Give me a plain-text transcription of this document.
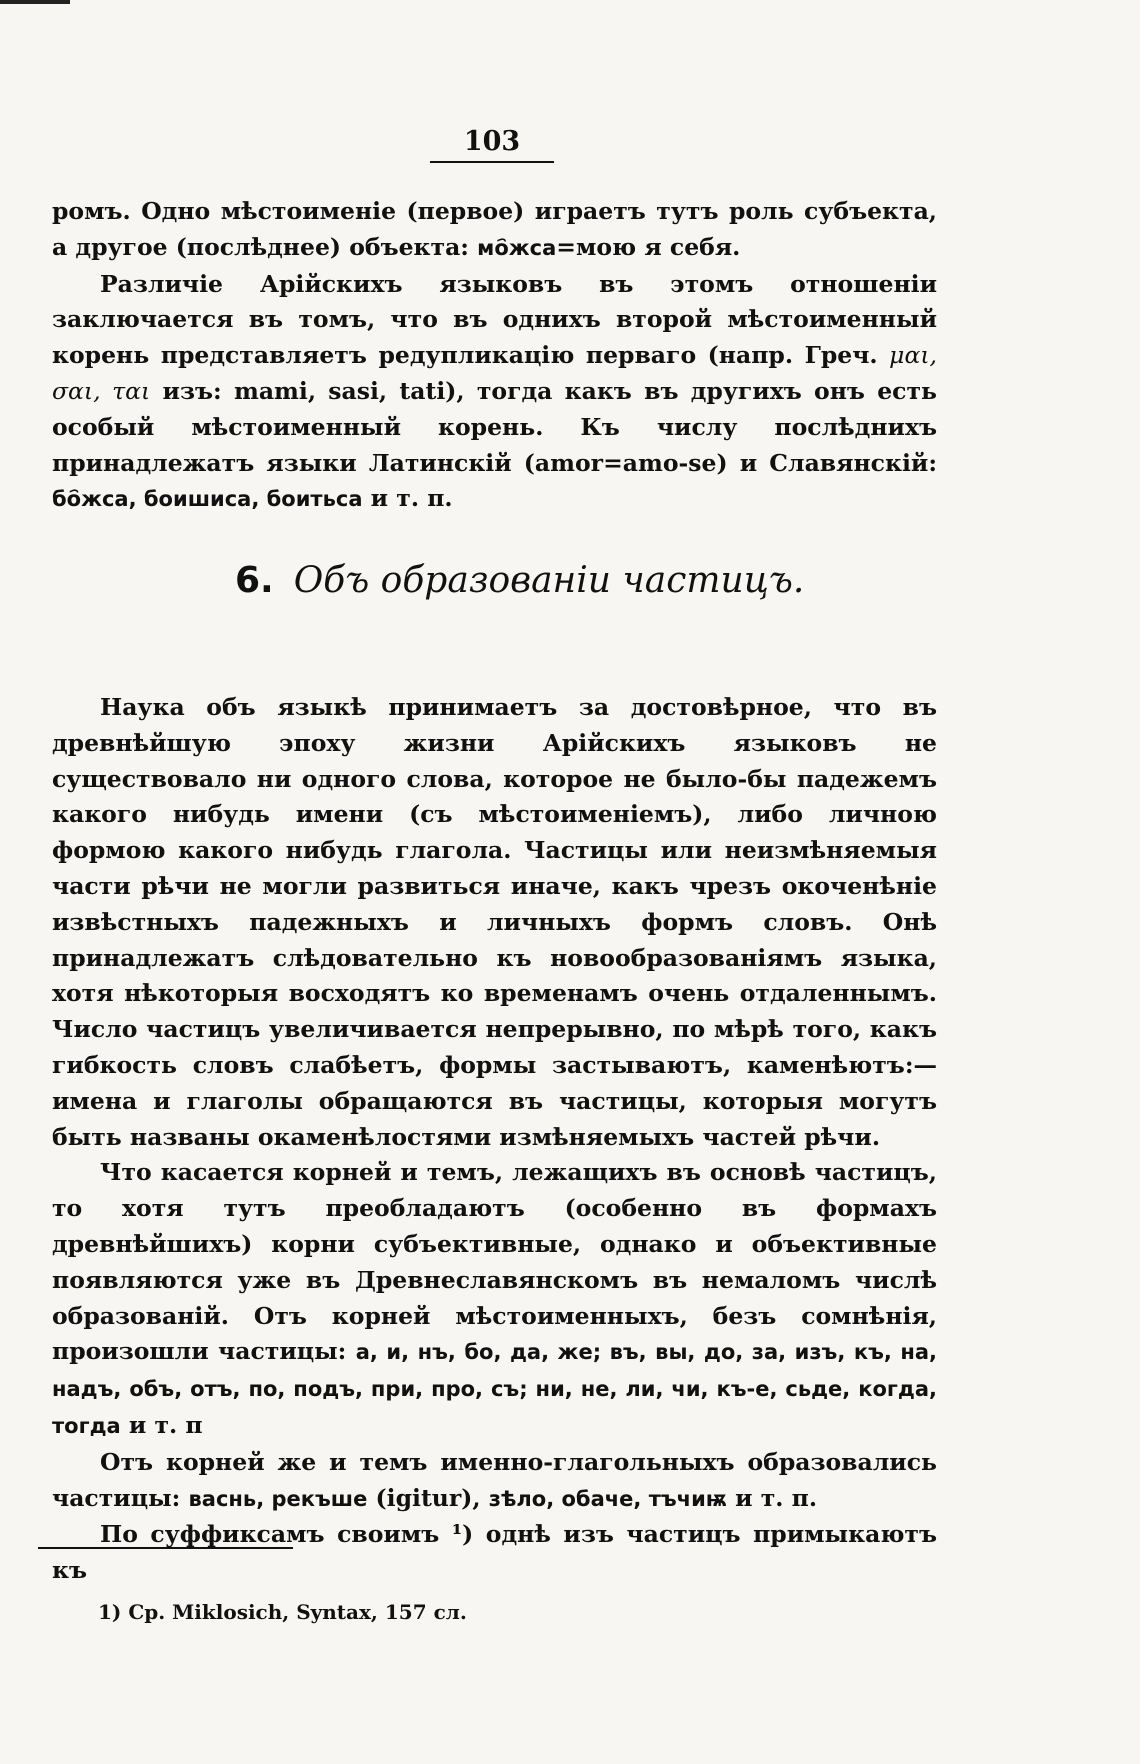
103

ромъ. Одно мѣстоименіе (первое) играетъ тутъ роль субъекта, а другое (послѣднее) объекта: мо҄жса=мою я себя.

Различіе Арійскихъ языковъ въ этомъ отношеніи заключается въ томъ, что въ однихъ второй мѣстоименный корень представляетъ редупликацію перваго (напр. Греч. μαι, σαι, ται изъ: mami, sasi, tati), тогда какъ въ другихъ онъ есть особый мѣстоименный корень. Къ числу послѣднихъ принадлежатъ языки Латинскій (amor=amo-se) и Славянскій: бо҄жса, боишиса, боитьса и т. п.

6. Объ образованіи частицъ.

Наука объ языкѣ принимаетъ за достовѣрное, что въ древнѣйшую эпоху жизни Арійскихъ языковъ не существовало ни одного слова, которое не было-бы падежемъ какого нибудь имени (съ мѣстоименіемъ), либо личною формою какого нибудь глагола. Частицы или неизмѣняемыя части рѣчи не могли развиться иначе, какъ чрезъ окоченѣніе извѣстныхъ падежныхъ и личныхъ формъ словъ. Онѣ принадлежатъ слѣдовательно къ новообразованіямъ языка, хотя нѣкоторыя восходятъ ко временамъ очень отдаленнымъ. Число частицъ увеличивается непрерывно, по мѣрѣ того, какъ гибкость словъ слабѣетъ, формы застываютъ, каменѣютъ:—имена и глаголы обращаются въ частицы, которыя могутъ быть названы окаменѣлостями измѣняемыхъ частей рѣчи.

Что касается корней и темъ, лежащихъ въ основѣ частицъ, то хотя тутъ преобладаютъ (особенно въ формахъ древнѣйшихъ) корни субъективные, однако и объективные появляются уже въ Древнеславянскомъ въ немаломъ числѣ образованій. Отъ корней мѣстоименныхъ, безъ сомнѣнія, произошли частицы: а, и, нъ, бо, да, же; въ, вы, до, за, изъ, къ, на, надъ, объ, отъ, по, подъ, при, про, съ; ни, не, ли, чи, къ-е, сьде, когда, тогда и т. п

Отъ корней же и темъ именно-глагольныхъ образовались частицы: васнь, рекъше (igitur), зѣло, обаче, тъчиѭ и т. п.

По суффиксамъ своимъ ¹) однѣ изъ частицъ примыкаютъ къ

1) Ср. Miklosich, Syntax, 157 сл.
